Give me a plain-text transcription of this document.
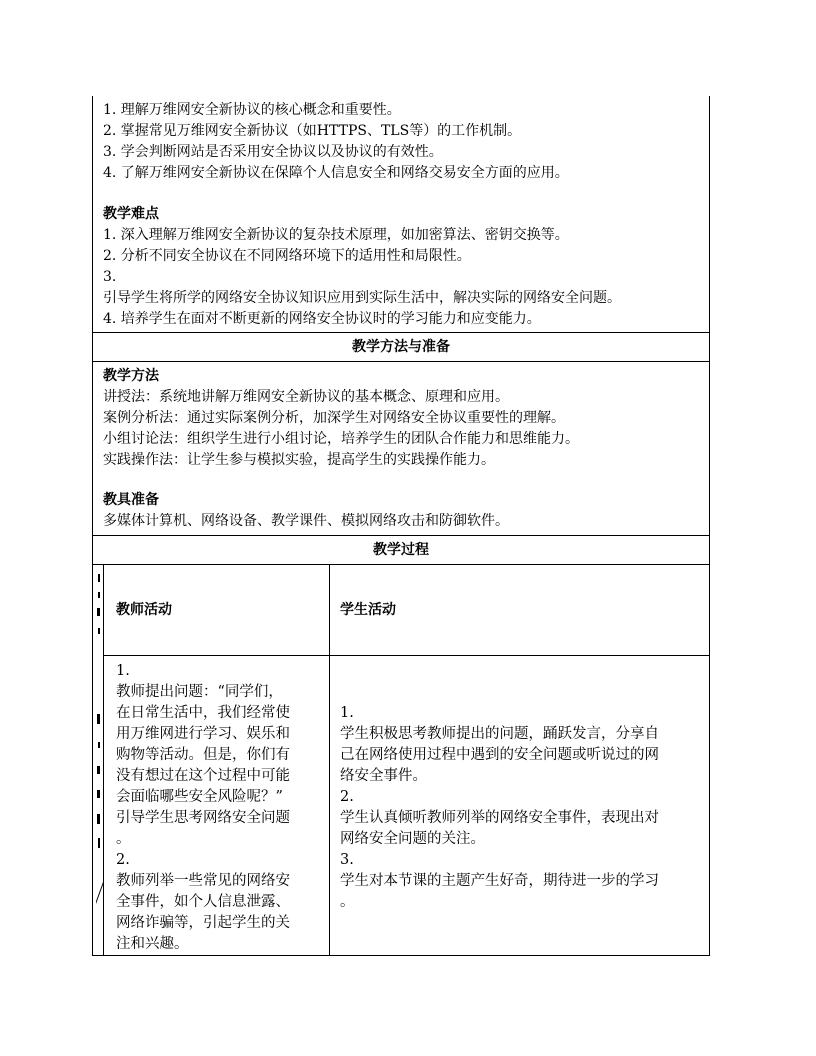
1. 理解万维网安全新协议的核心概念和重要性。
2. 掌握常见万维网安全新协议（如HTTPS、TLS等）的工作机制。
3. 学会判断网站是否采用安全协议以及协议的有效性。
4. 了解万维网安全新协议在保障个人信息安全和网络交易安全方面的应用。
教学难点
1. 深入理解万维网安全新协议的复杂技术原理，如加密算法、密钥交换等。
2. 分析不同安全协议在不同网络环境下的适用性和局限性。
3.
引导学生将所学的网络安全协议知识应用到实际生活中，解决实际的网络安全问题。
4. 培养学生在面对不断更新的网络安全协议时的学习能力和应变能力。
教学方法与准备
教学方法
讲授法：系统地讲解万维网安全新协议的基本概念、原理和应用。
案例分析法：通过实际案例分析，加深学生对网络安全协议重要性的理解。
小组讨论法：组织学生进行小组讨论，培养学生的团队合作能力和思维能力。
实践操作法：让学生参与模拟实验，提高学生的实践操作能力。
教具准备
多媒体计算机、网络设备、教学课件、模拟网络攻击和防御软件。
教学过程
教师活动	学生活动
1.
教师提出问题：“同学们，
在日常生活中，我们经常使
用万维网进行学习、娱乐和
购物等活动。但是，你们有
没有想过在这个过程中可能
会面临哪些安全风险呢？”
引导学生思考网络安全问题
。
2.
教师列举一些常见的网络安
全事件，如个人信息泄露、
网络诈骗等，引起学生的关
注和兴趣。
1.
学生积极思考教师提出的问题，踊跃发言，分享自
己在网络使用过程中遇到的安全问题或听说过的网
络安全事件。
2.
学生认真倾听教师列举的网络安全事件，表现出对
网络安全问题的关注。
3.
学生对本节课的主题产生好奇，期待进一步的学习
。
